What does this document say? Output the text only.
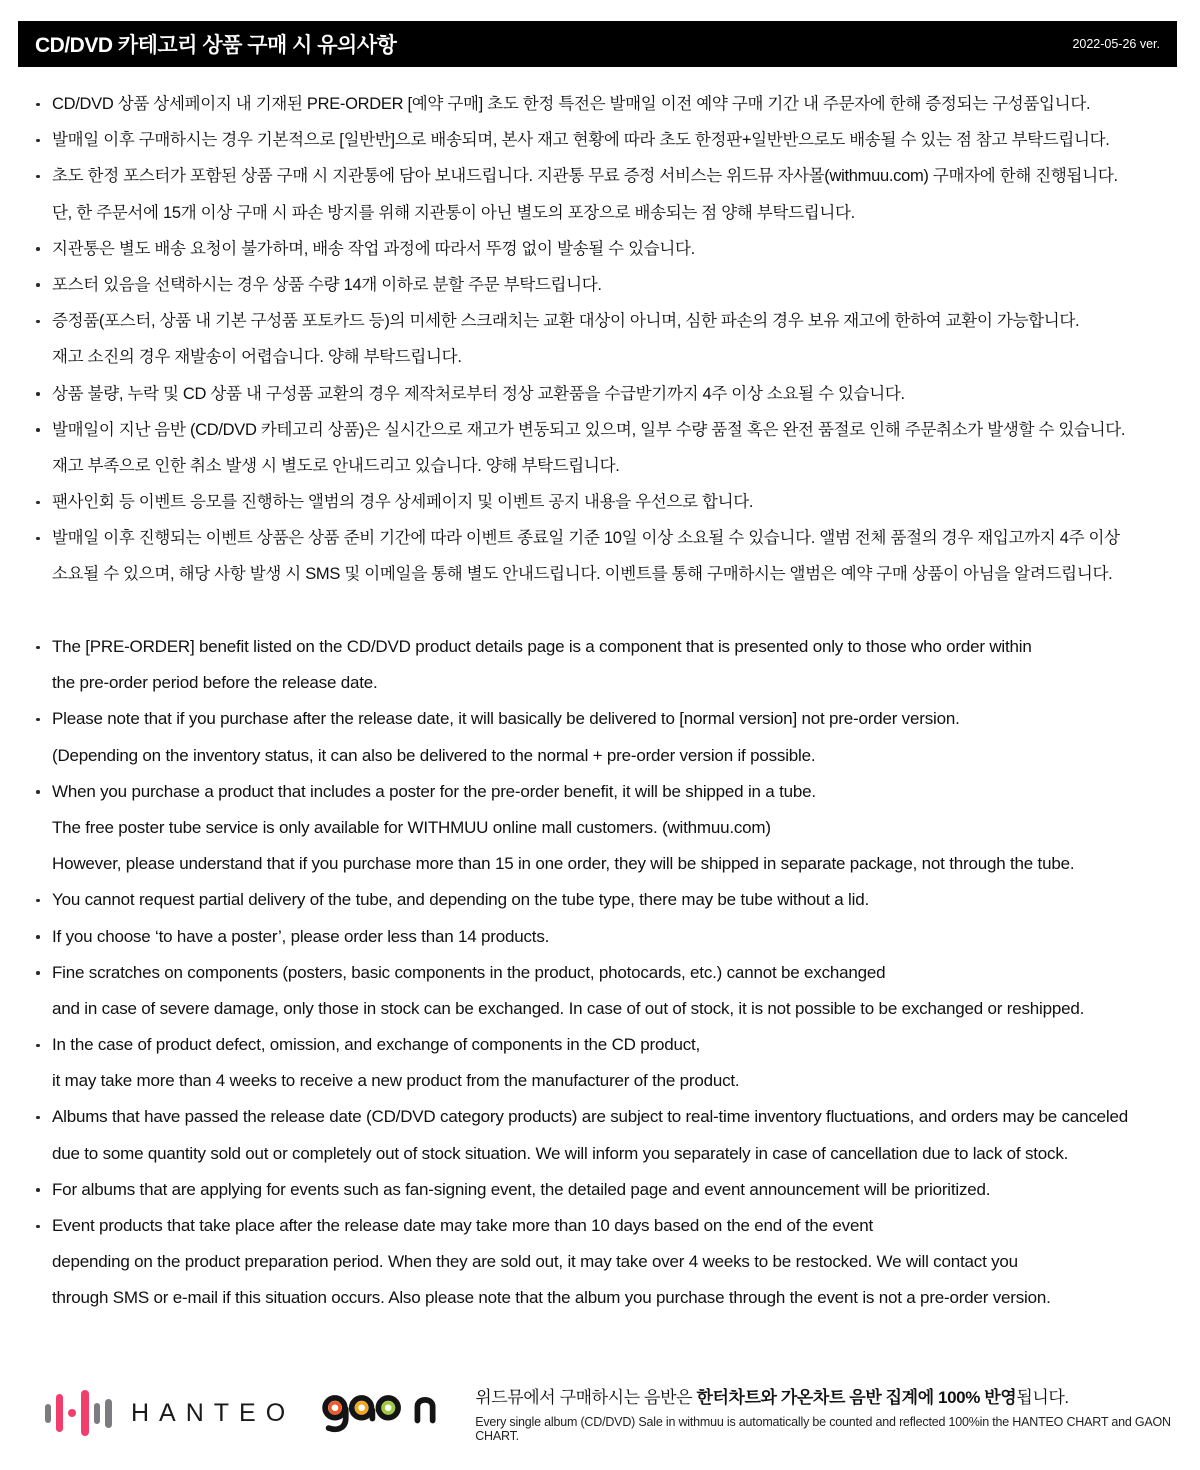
CD/DVD 카테고리 상품 구매 시 유의사항	2022-05-26 ver.
CD/DVD 상품 상세페이지 내 기재된 PRE-ORDER [예약 구매] 초도 한정 특전은 발매일 이전 예약 구매 기간 내 주문자에 한해 증정되는 구성품입니다.
발매일 이후 구매하시는 경우 기본적으로 [일반반]으로 배송되며, 본사 재고 현황에 따라 초도 한정판+일반반으로도 배송될 수 있는 점 참고 부탁드립니다.
초도 한정 포스터가 포함된 상품 구매 시 지관통에 담아 보내드립니다. 지관통 무료 증정 서비스는 위드뮤 자사몰(withmuu.com) 구매자에 한해 진행됩니다.
단, 한 주문서에 15개 이상 구매 시 파손 방지를 위해 지관통이 아닌 별도의 포장으로 배송되는 점 양해 부탁드립니다.
지관통은 별도 배송 요청이 불가하며, 배송 작업 과정에 따라서 뚜껑 없이 발송될 수 있습니다.
포스터 있음을 선택하시는 경우 상품 수량 14개 이하로 분할 주문 부탁드립니다.
증정품(포스터, 상품 내 기본 구성품 포토카드 등)의 미세한 스크래치는 교환 대상이 아니며, 심한 파손의 경우 보유 재고에 한하여 교환이 가능합니다.
재고 소진의 경우 재발송이 어렵습니다. 양해 부탁드립니다.
상품 불량, 누락 및 CD 상품 내 구성품 교환의 경우 제작처로부터 정상 교환품을 수급받기까지 4주 이상 소요될 수 있습니다.
발매일이 지난 음반 (CD/DVD 카테고리 상품)은 실시간으로 재고가 변동되고 있으며, 일부 수량 품절 혹은 완전 품절로 인해 주문취소가 발생할 수 있습니다.
재고 부족으로 인한 취소 발생 시 별도로 안내드리고 있습니다. 양해 부탁드립니다.
팬사인회 등 이벤트 응모를 진행하는 앨범의 경우 상세페이지 및 이벤트 공지 내용을 우선으로 합니다.
발매일 이후 진행되는 이벤트 상품은 상품 준비 기간에 따라 이벤트 종료일 기준 10일 이상 소요될 수 있습니다. 앨범 전체 품절의 경우 재입고까지 4주 이상
소요될 수 있으며, 해당 사항 발생 시 SMS 및 이메일을 통해 별도 안내드립니다. 이벤트를 통해 구매하시는 앨범은 예약 구매 상품이 아님을 알려드립니다.
The [PRE-ORDER] benefit listed on the CD/DVD product details page is a component that is presented only to those who order within
the pre-order period before the release date.
Please note that if you purchase after the release date, it will basically be delivered to [normal version] not pre-order version.
(Depending on the inventory status, it can also be delivered to the normal + pre-order version if possible.
When you purchase a product that includes a poster for the pre-order benefit, it will be shipped in a tube.
The free poster tube service is only available for WITHMUU online mall customers. (withmuu.com)
However, please understand that if you purchase more than 15 in one order, they will be shipped in separate package, not through the tube.
You cannot request partial delivery of the tube, and depending on the tube type, there may be tube without a lid.
If you choose ‘to have a poster’, please order less than 14 products.
Fine scratches on components (posters, basic components in the product, photocards, etc.) cannot be exchanged
and in case of severe damage, only those in stock can be exchanged. In case of out of stock, it is not possible to be exchanged or reshipped.
In the case of product defect, omission, and exchange of components in the CD product,
it may take more than 4 weeks to receive a new product from the manufacturer of the product.
Albums that have passed the release date (CD/DVD category products) are subject to real-time inventory fluctuations, and orders may be canceled
due to some quantity sold out or completely out of stock situation. We will inform you separately in case of cancellation due to lack of stock.
For albums that are applying for events such as fan-signing event, the detailed page and event announcement will be prioritized.
Event products that take place after the release date may take more than 10 days based on the end of the event
depending on the product preparation period. When they are sold out, it may take over 4 weeks to be restocked. We will contact you
through SMS or e-mail if this situation occurs. Also please note that the album you purchase through the event is not a pre-order version.
HANTEO
위드뮤에서 구매하시는 음반은 한터차트와 가온차트 음반 집계에 100% 반영됩니다.
Every single album (CD/DVD) Sale in withmuu is automatically be counted and reflected 100%in the HANTEO CHART and GAON CHART.
